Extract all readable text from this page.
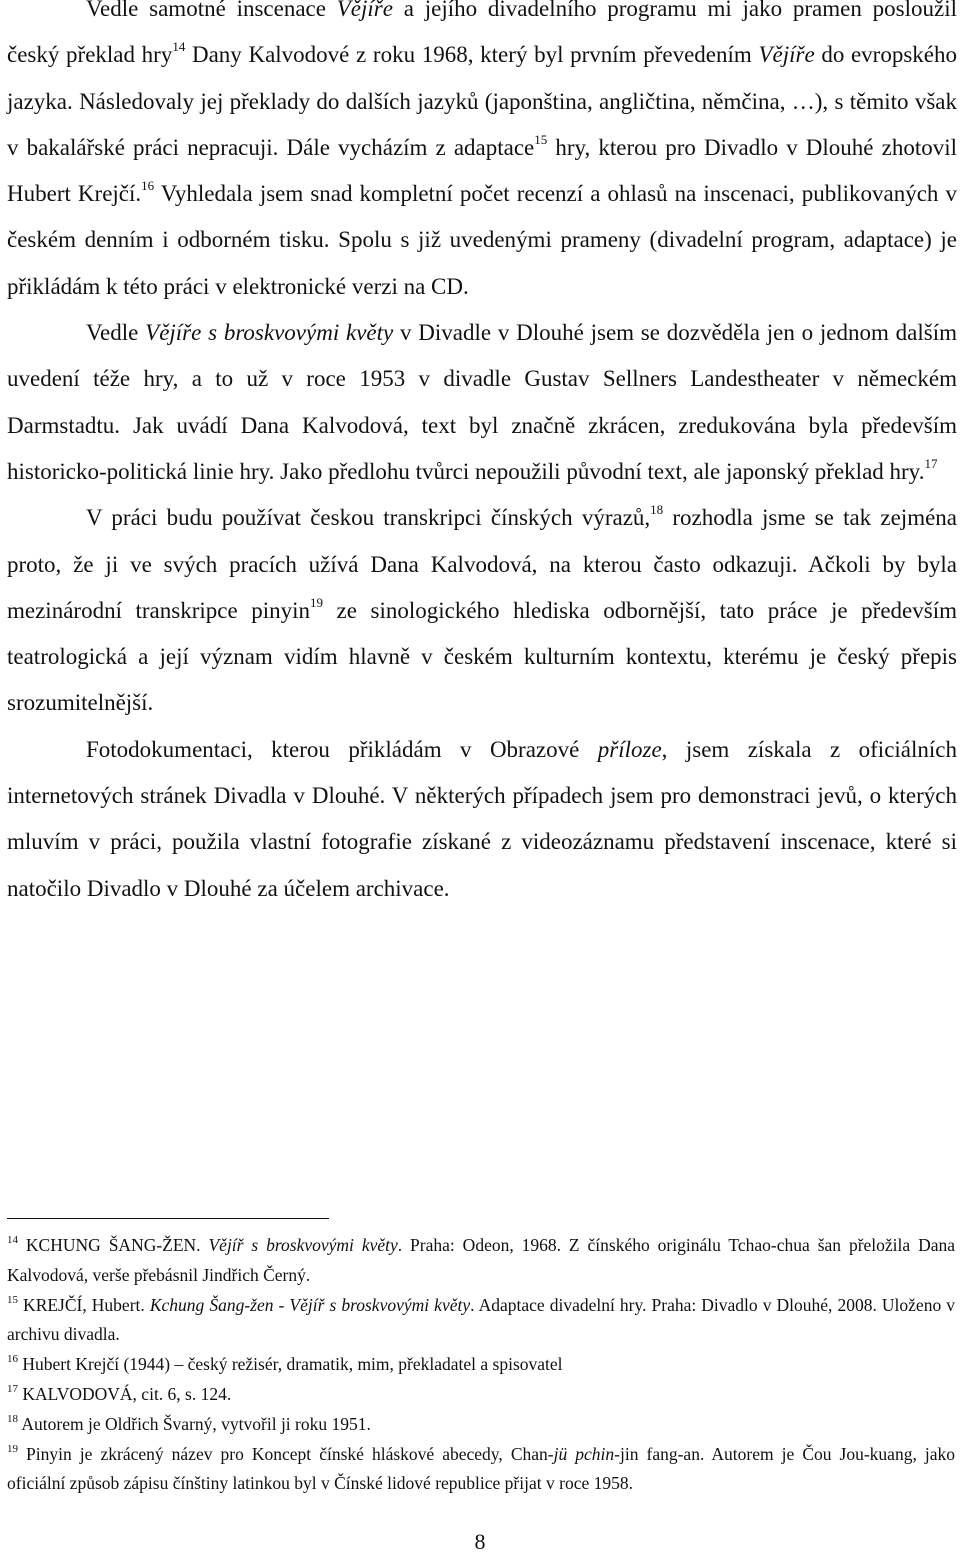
Vedle samotné inscenace Vějíře a jejího divadelního programu mi jako pramen posloužil český překlad hry$^{14}$ Dany Kalvodové z roku 1968, který byl prvním převedením Vějíře do evropského jazyka. Následovaly jej překlady do dalších jazyků (japonština, angličtina, němčina, …), s těmito však v bakalářské práci nepracuji. Dále vycházím z adaptace$^{15}$ hry, kterou pro Divadlo v Dlouhé zhotovil Hubert Krejčí.$^{16}$ Vyhledala jsem snad kompletní počet recenzí a ohlasů na inscenaci, publikovaných v českém denním i odborném tisku. Spolu s již uvedenými prameny (divadelní program, adaptace) je přikládám k této práci v elektronické verzi na CD.

Vedle Vějíře s broskvovými květy v Divadle v Dlouhé jsem se dozvěděla jen o jednom dalším uvedení téže hry, a to už v roce 1953 v divadle Gustav Sellners Landestheater v německém Darmstadtu. Jak uvádí Dana Kalvodová, text byl značně zkrácen, zredukována byla především historicko-politická linie hry. Jako předlohu tvůrci nepoužili původní text, ale japonský překlad hry.$^{17}$

V práci budu používat českou transkripci čínských výrazů,$^{18}$ rozhodla jsme se tak zejména proto, že ji ve svých pracích užívá Dana Kalvodová, na kterou často odkazuji. Ačkoli by byla mezinárodní transkripce pinyin$^{19}$ ze sinologického hlediska odbornější, tato práce je především teatrologická a její význam vidím hlavně v českém kulturním kontextu, kterému je český přepis srozumitelnější.

Fotodokumentaci, kterou přikládám v Obrazové příloze, jsem získala z oficiálních internetových stránek Divadla v Dlouhé. V některých případech jsem pro demonstraci jevů, o kterých mluvím v práci, použila vlastní fotografie získané z videozáznamu představení inscenace, které si natočilo Divadlo v Dlouhé za účelem archivace.

$^{14}$ KCHUNG ŠANG-ŽEN. Vějíř s broskvovými květy. Praha: Odeon, 1968. Z čínského originálu Tchao-chua šan přeložila Dana Kalvodová, verše přebásnil Jindřich Černý.

$^{15}$ KREJČÍ, Hubert. Kchung Šang-žen - Vějíř s broskvovými květy. Adaptace divadelní hry. Praha: Divadlo v Dlouhé, 2008. Uloženo v archivu divadla.

$^{16}$ Hubert Krejčí (1944) – český režisér, dramatik, mim, překladatel a spisovatel

$^{17}$ KALVODOVÁ, cit. 6, s. 124.

$^{18}$ Autorem je Oldřich Švarný, vytvořil ji roku 1951.

$^{19}$ Pinyin je zkrácený název pro Koncept čínské hláskové abecedy, Chan-jü pchin-jin fang-an. Autorem je Čou Jou-kuang, jako oficiální způsob zápisu čínštiny latinkou byl v Čínské lidové republice přijat v roce 1958.

8
